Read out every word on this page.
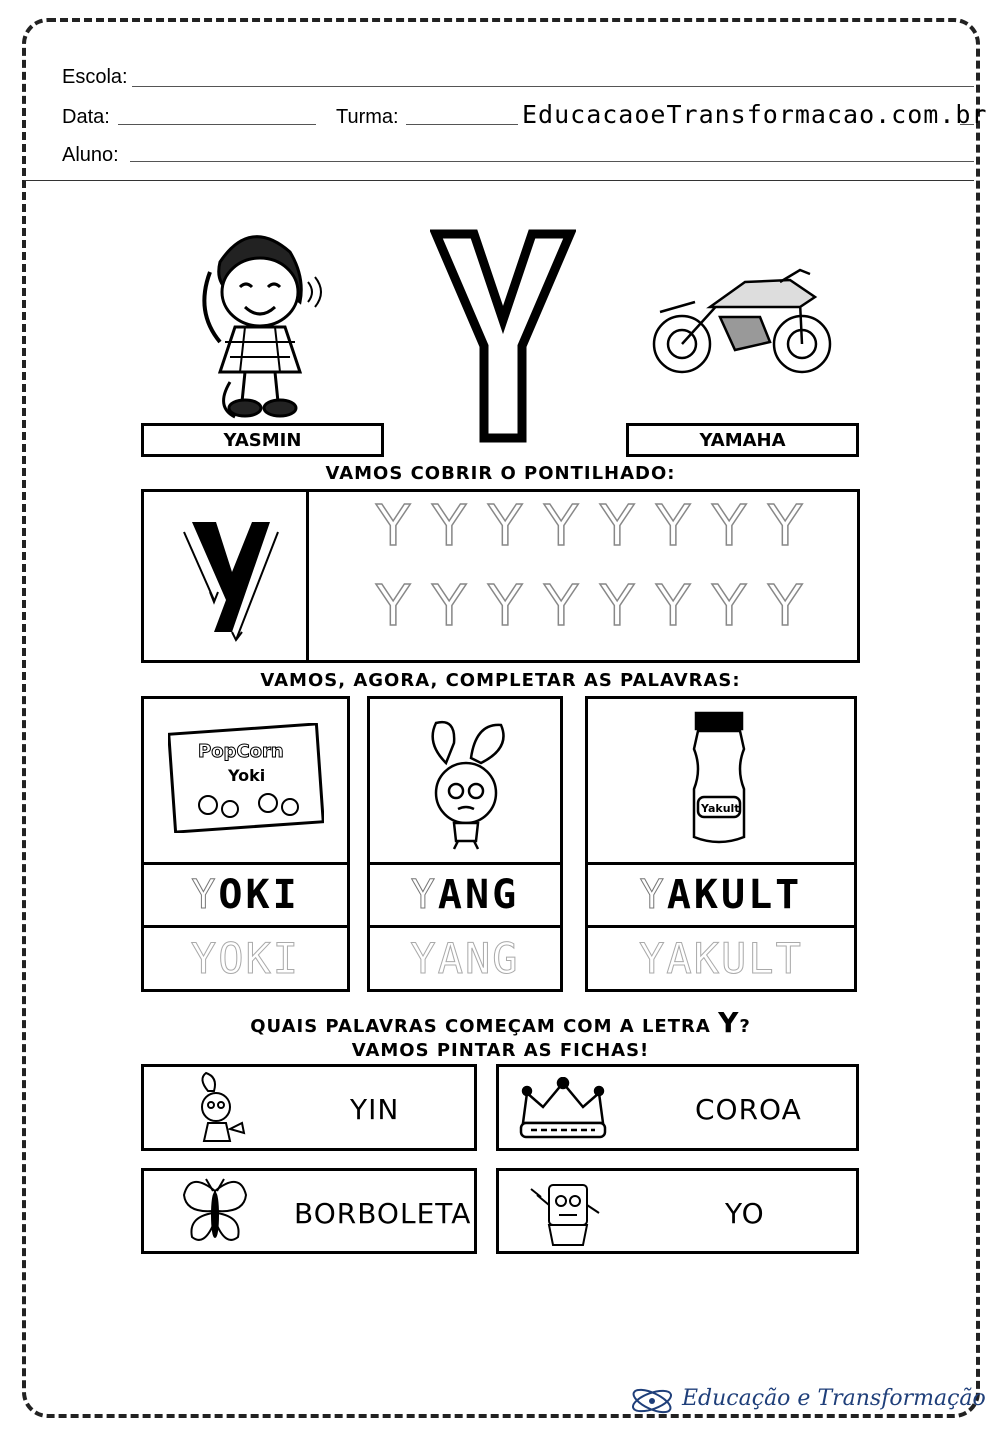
Escola:
Data:	Turma:	EducacaoeTransformacao.com.br
Aluno:
Y
YASMIN	YAMAHA
VAMOS COBRIR O PONTILHADO:
y	Y Y Y Y Y Y Y Y
Y Y Y Y Y Y Y Y
VAMOS, AGORA, COMPLETAR AS PALAVRAS:
PopCorn
Yoki
Y OKI
YOKI
Y ANG
YANG
Yakult
Y AKULT
YAKULT
QUAIS PALAVRAS COMEÇAM COM A LETRA Y?
VAMOS PINTAR AS FICHAS!
YIN	COROA
BORBOLETA	YO
Educação e Transformação
